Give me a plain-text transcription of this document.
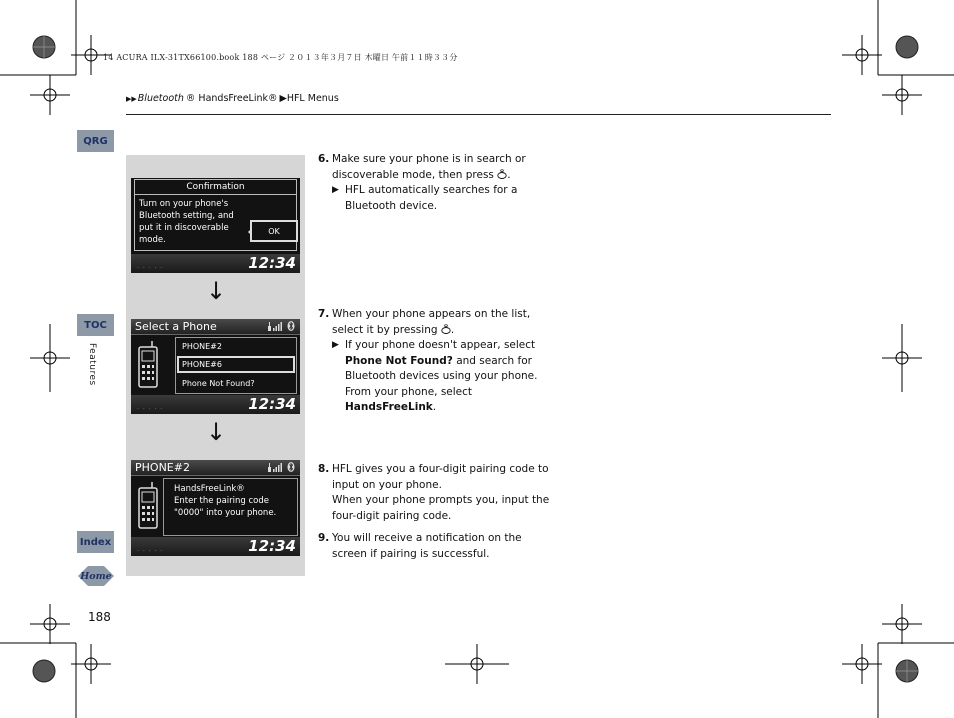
14 ACURA ILX-31TX66100.book 188 ページ ２０１３年３月７日 木曜日 午前１１時３３分
▶▶ Bluetooth ® HandsFreeLink® ▶HFL Menus
QRG
TOC
Features
Index
Home
188
Confirmation
Turn on your phone's Bluetooth setting, and put it in discoverable mode.
OK
· · · · ·	12:34
↓
Select a Phone
PHONE#2
PHONE#6
Phone Not Found?
· · · · ·	12:34
↓
PHONE#2
HandsFreeLink®
Enter the pairing code
"0000" into your phone.
· · · · ·	12:34
6. Make sure your phone is in search or discoverable mode, then press .
▶ HFL automatically searches for a Bluetooth device.
7. When your phone appears on the list, select it by pressing .
▶ If your phone doesn't appear, select Phone Not Found? and search for Bluetooth devices using your phone. From your phone, select HandsFreeLink.
8. HFL gives you a four-digit pairing code to input on your phone.
When your phone prompts you, input the four-digit pairing code.
9. You will receive a notification on the screen if pairing is successful.
